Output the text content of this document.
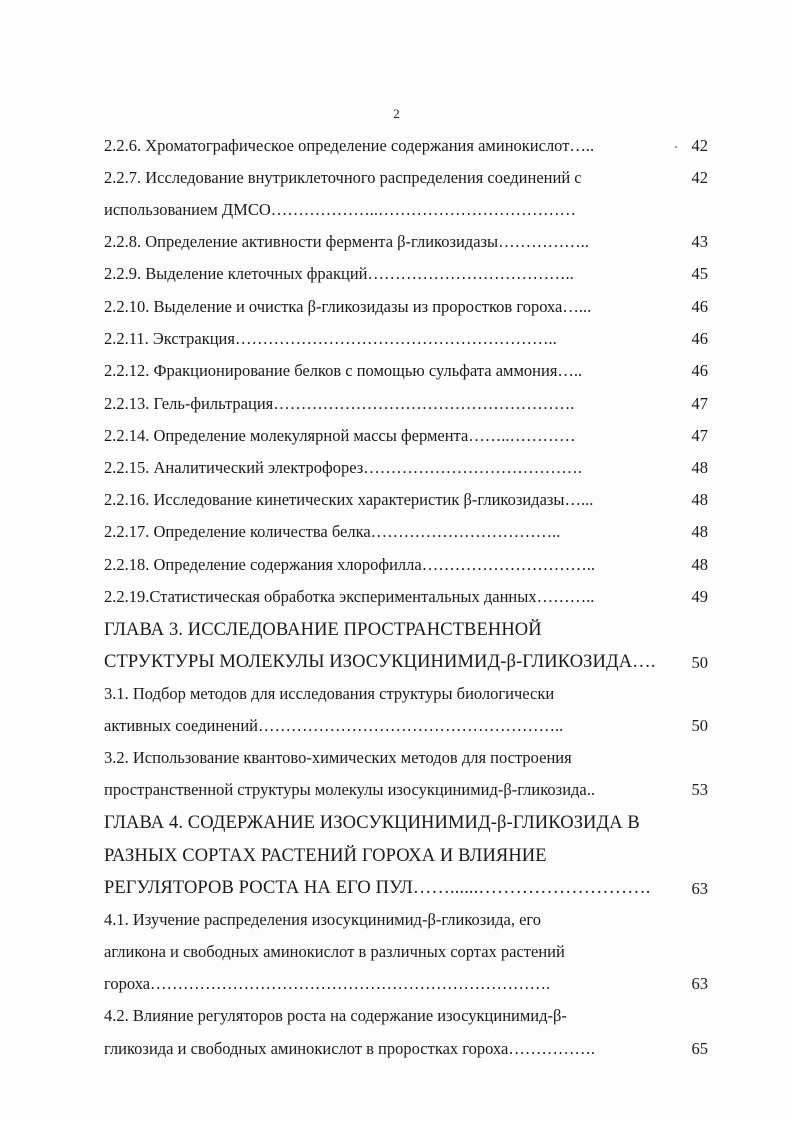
2
2.2.6. Хроматографическое определение содержания аминокислот…..	42
2.2.7. Исследование внутриклеточного распределения соединений с	42
использованием ДМСО………………..………………………………
2.2.8. Определение активности фермента β-гликозидазы……………..	43
2.2.9. Выделение клеточных фракций………………………………..	45
2.2.10. Выделение и очистка β-гликозидазы из проростков гороха…...	46
2.2.11. Экстракция…………………………………………………..	46
2.2.12. Фракционирование белков с помощью сульфата аммония…..	46
2.2.13. Гель-фильтрация……………………………………………….	47
2.2.14. Определение молекулярной массы фермента……..…………	47
2.2.15. Аналитический электрофорез………………………………….	48
2.2.16. Исследование кинетических характеристик β-гликозидазы…...	48
2.2.17. Определение количества белка……………………………..	48
2.2.18. Определение содержания хлорофилла…………………………..	48
2.2.19.Статистическая обработка экспериментальных данных………..	49
ГЛАВА 3. ИССЛЕДОВАНИЕ ПРОСТРАНСТВЕННОЙ
СТРУКТУРЫ МОЛЕКУЛЫ ИЗОСУКЦИНИМИД-β-ГЛИКОЗИДА….	50
3.1. Подбор методов для исследования структуры биологически
активных соединений………………………………………………..	50
3.2. Использование квантово-химических методов для построения
пространственной структуры молекулы изосукцинимид-β-гликозида..	53
ГЛАВА 4. СОДЕРЖАНИЕ ИЗОСУКЦИНИМИД-β-ГЛИКОЗИДА В
РАЗНЫХ СОРТАХ РАСТЕНИЙ ГОРОХА И ВЛИЯНИЕ
РЕГУЛЯТОРОВ РОСТА НА ЕГО ПУЛ……......……………………….	63
4.1. Изучение распределения изосукцинимид-β-гликозида, его
агликона и свободных аминокислот в различных сортах растений
гороха……………………………………………………………….	63
4.2. Влияние регуляторов роста на содержание изосукцинимид-β-
гликозида и свободных аминокислот в проростках гороха…………….	65
